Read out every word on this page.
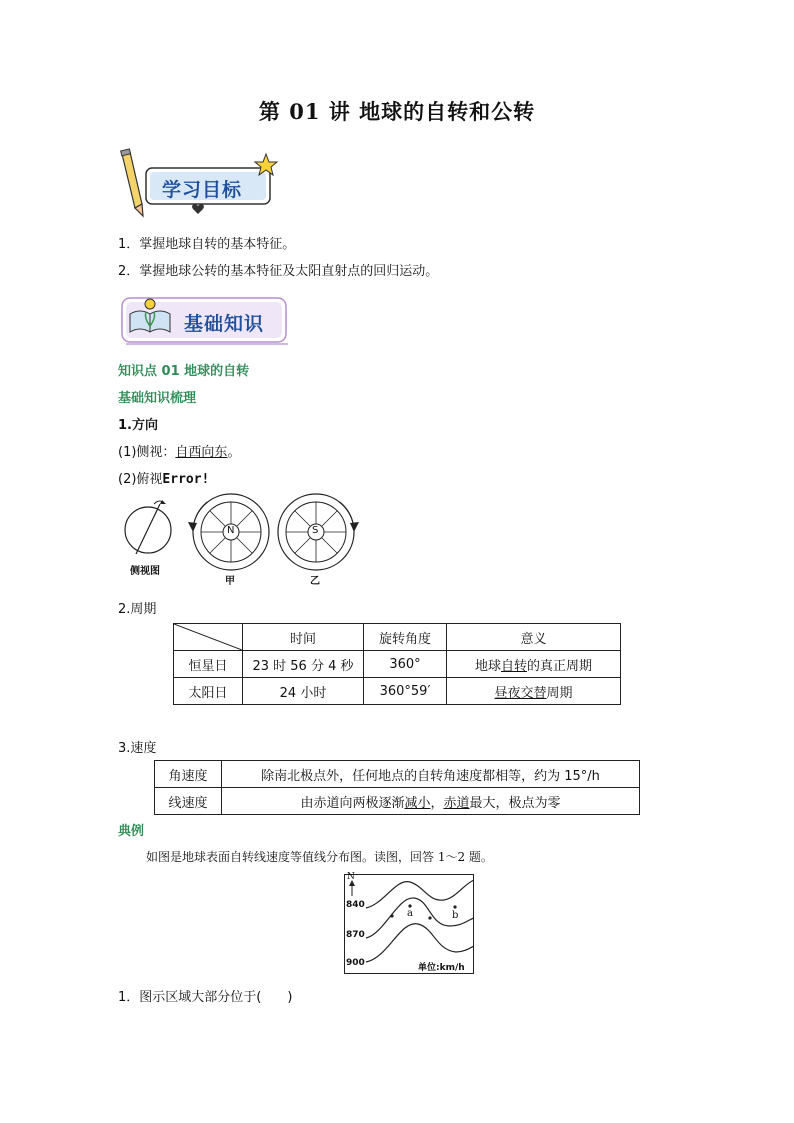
第 01 讲 地球的自转和公转
学习目标
1．掌握地球自转的基本特征。
2．掌握地球公转的基本特征及太阳直射点的回归运动。
基础知识
知识点 01 地球的自转
基础知识梳理
1.方向
(1)侧视：自西向东。
(2)俯视Error!
N	S
侧视图
甲	乙
2.周期
	时间	旋转角度	意义
恒星日	23 时 56 分 4 秒	360°	地球自转的真正周期
太阳日	24 小时	360°59′	昼夜交替周期
3.速度
角速度	除南北极点外，任何地点的自转角速度都相等，约为 15°/h
线速度	由赤道向两极逐渐减小，赤道最大，极点为零
典例
如图是地球表面自转线速度等值线分布图。读图，回答 1～2 题。
N
840
870
900
a	b
单位:km/h
1．图示区域大部分位于(　　)
